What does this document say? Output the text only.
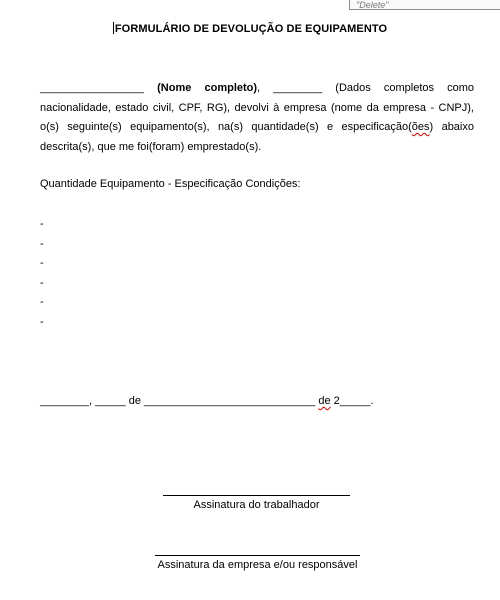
"Delete"
FORMULÁRIO DE DEVOLUÇÃO DE EQUIPAMENTO

_________________ (Nome completo), ________ (Dados completos como nacionalidade, estado civil, CPF, RG), devolvi à empresa (nome da empresa - CNPJ), o(s) seguinte(s) equipamento(s), na(s) quantidade(s) e especificação(ões) abaixo descrita(s), que me foi(foram) emprestado(s).

Quantidade Equipamento - Especificação Condições:
-
-
-
-
-
-
________, _____ de ____________________________ de 2_____.
Assinatura do trabalhador
Assinatura da empresa e/ou responsável
